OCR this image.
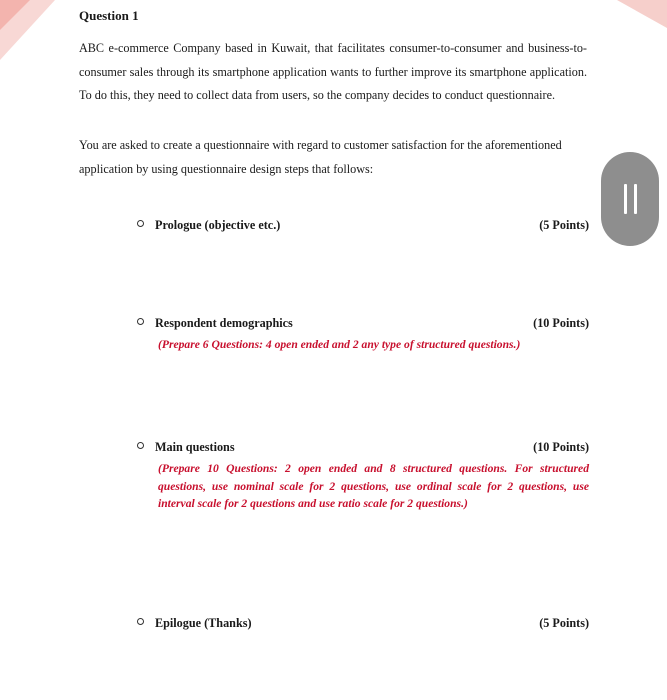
Question 1

ABC e-commerce Company based in Kuwait, that facilitates consumer-to-consumer and business-to-consumer sales through its smartphone application wants to further improve its smartphone application. To do this, they need to collect data from users, so the company decides to conduct questionnaire.

You are asked to create a questionnaire with regard to customer satisfaction for the aforementioned application by using questionnaire design steps that follows:

Prologue (objective etc.)	(5 Points)
Respondent demographics	(10 Points)
(Prepare 6 Questions: 4 open ended and 2 any type of structured questions.)
Main questions	(10 Points)
(Prepare 10 Questions: 2 open ended and 8 structured questions. For structured questions, use nominal scale for 2 questions, use ordinal scale for 2 questions, use interval scale for 2 questions and use ratio scale for 2 questions.)
Epilogue (Thanks)	(5 Points)
